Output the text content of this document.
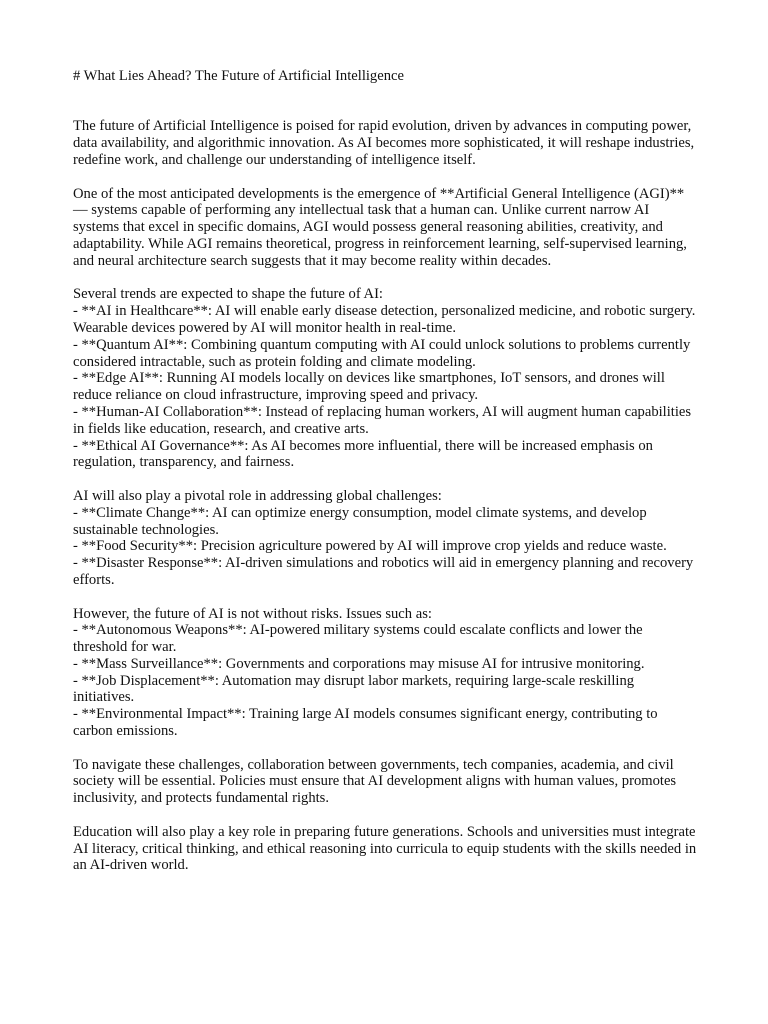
# What Lies Ahead? The Future of Artificial Intelligence
The future of Artificial Intelligence is poised for rapid evolution, driven by advances in computing power, data availability, and algorithmic innovation. As AI becomes more sophisticated, it will reshape industries, redefine work, and challenge our understanding of intelligence itself.
One of the most anticipated developments is the emergence of **Artificial General Intelligence (AGI)** — systems capable of performing any intellectual task that a human can. Unlike current narrow AI systems that excel in specific domains, AGI would possess general reasoning abilities, creativity, and adaptability. While AGI remains theoretical, progress in reinforcement learning, self-supervised learning, and neural architecture search suggests that it may become reality within decades.
Several trends are expected to shape the future of AI:
- **AI in Healthcare**: AI will enable early disease detection, personalized medicine, and robotic surgery. Wearable devices powered by AI will monitor health in real-time.
- **Quantum AI**: Combining quantum computing with AI could unlock solutions to problems currently considered intractable, such as protein folding and climate modeling.
- **Edge AI**: Running AI models locally on devices like smartphones, IoT sensors, and drones will reduce reliance on cloud infrastructure, improving speed and privacy.
- **Human-AI Collaboration**: Instead of replacing human workers, AI will augment human capabilities in fields like education, research, and creative arts.
- **Ethical AI Governance**: As AI becomes more influential, there will be increased emphasis on regulation, transparency, and fairness.
AI will also play a pivotal role in addressing global challenges:
- **Climate Change**: AI can optimize energy consumption, model climate systems, and develop sustainable technologies.
- **Food Security**: Precision agriculture powered by AI will improve crop yields and reduce waste.
- **Disaster Response**: AI-driven simulations and robotics will aid in emergency planning and recovery efforts.
However, the future of AI is not without risks. Issues such as:
- **Autonomous Weapons**: AI-powered military systems could escalate conflicts and lower the threshold for war.
- **Mass Surveillance**: Governments and corporations may misuse AI for intrusive monitoring.
- **Job Displacement**: Automation may disrupt labor markets, requiring large-scale reskilling initiatives.
- **Environmental Impact**: Training large AI models consumes significant energy, contributing to carbon emissions.
To navigate these challenges, collaboration between governments, tech companies, academia, and civil society will be essential. Policies must ensure that AI development aligns with human values, promotes inclusivity, and protects fundamental rights.
Education will also play a key role in preparing future generations. Schools and universities must integrate AI literacy, critical thinking, and ethical reasoning into curricula to equip students with the skills needed in an AI-driven world.
